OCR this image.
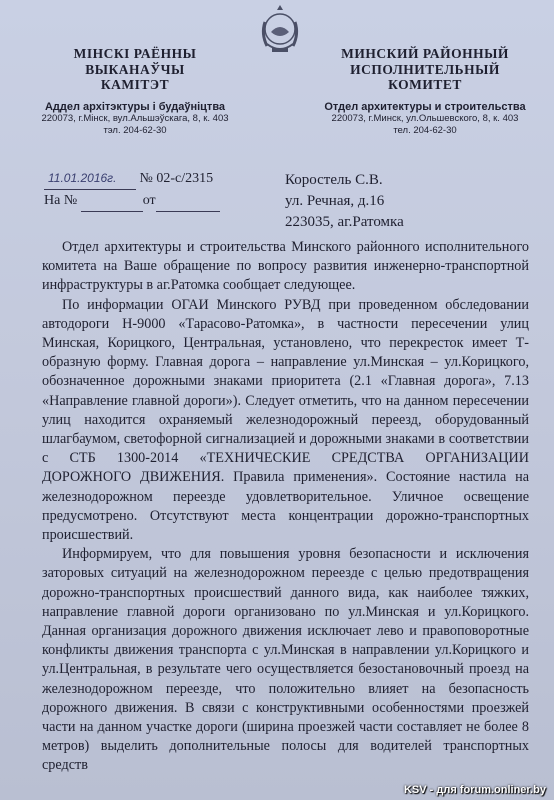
МІНСКІ РАЁННЫ
ВЫКАНАЎЧЫ
КАМІТЭТ
Аддел архітэктуры і будаўніцтва
220073, г.Мінск, вул.Альшэўскага, 8, к. 403
тэл. 204-62-30
МИНСКИЙ РАЙОННЫЙ
ИСПОЛНИТЕЛЬНЫЙ
КОМИТЕТ
Отдел архитектуры и строительства
220073, г.Минск, ул.Ольшевского, 8, к. 403
тел. 204-62-30
11.01.2016г. № 02-с/2315
На №	от
Коростель С.В.
ул. Речная, д.16
223035, аг.Ратомка

Отдел архитектуры и строительства Минского районного исполнительного комитета на Ваше обращение по вопросу развития инженерно-транспортной инфраструктуры в аг.Ратомка сообщает следующее.

По информации ОГАИ Минского РУВД при проведенном обследовании автодороги Н-9000 «Тарасово-Ратомка», в частности пересечении улиц Минская, Корицкого, Центральная, установлено, что перекресток имеет Т-образную форму. Главная дорога – направление ул.Минская – ул.Корицкого, обозначенное дорожными знаками приоритета (2.1 «Главная дорога», 7.13 «Направление главной дороги»). Следует отметить, что на данном пересечении улиц находится охраняемый железнодорожный переезд, оборудованный шлагбаумом, светофорной сигнализацией и дорожными знаками в соответствии с СТБ 1300-2014 «ТЕХНИЧЕСКИЕ СРЕДСТВА ОРГАНИЗАЦИИ ДОРОЖНОГО ДВИЖЕНИЯ. Правила применения». Состояние настила на железнодорожном переезде удовлетворительное. Уличное освещение предусмотрено. Отсутствуют места концентрации дорожно-транспортных происшествий.

Информируем, что для повышения уровня безопасности и исключения заторовых ситуаций на железнодорожном переезде с целью предотвращения дорожно-транспортных происшествий данного вида, как наиболее тяжких, направление главной дороги организовано по ул.Минская и ул.Корицкого. Данная организация дорожного движения исключает лево и правоповоротные конфликты движения транспорта с ул.Минская в направлении ул.Корицкого и ул.Центральная, в результате чего осуществляется безостановочный проезд на железнодорожном переезде, что положительно влияет на безопасность дорожного движения. В связи с конструктивными особенностями проезжей части на данном участке дороги (ширина проезжей части составляет не более 8 метров) выделить дополнительные полосы для водителей транспортных средств

KSV - для forum.onliner.by
